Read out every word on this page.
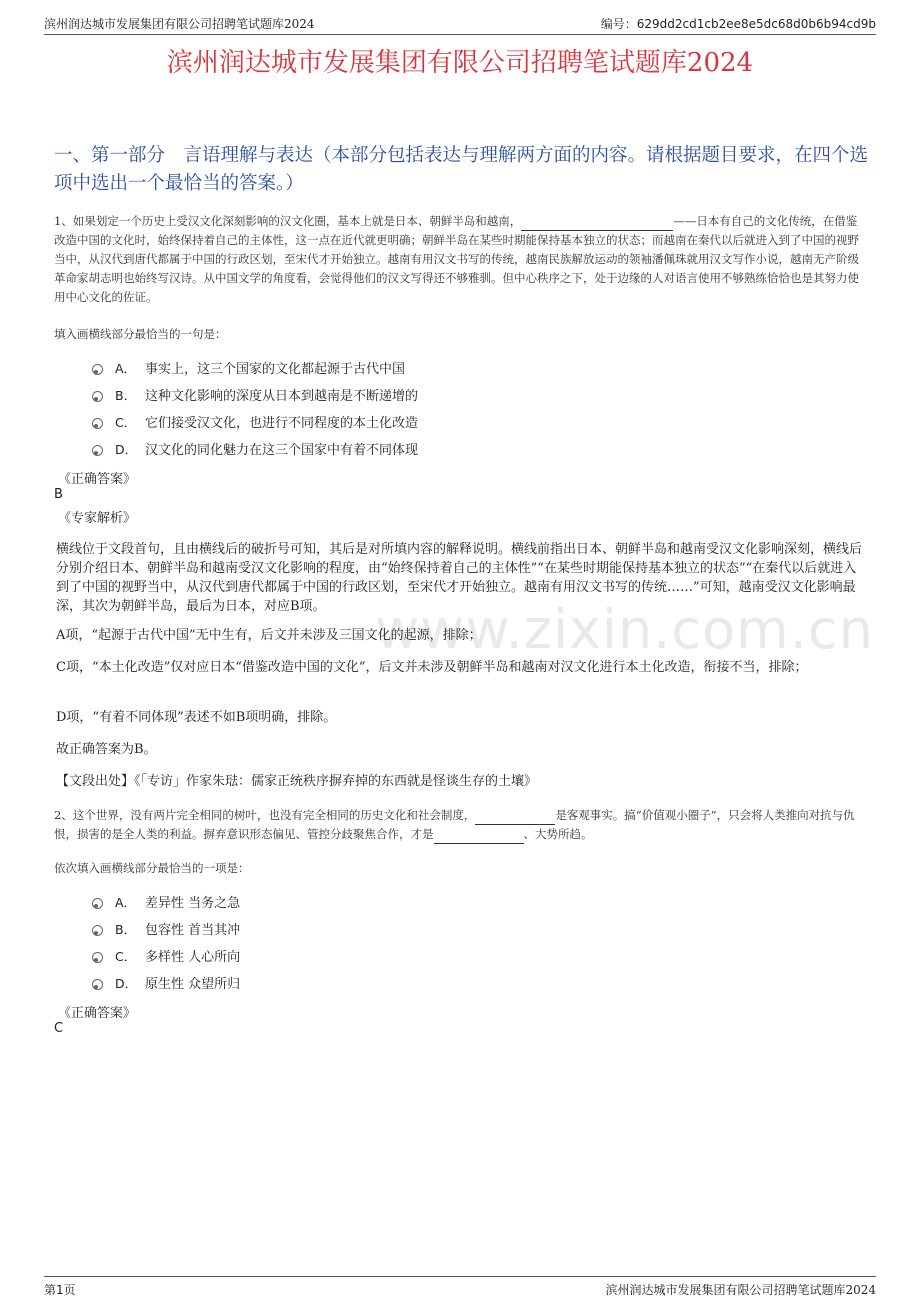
滨州润达城市发展集团有限公司招聘笔试题库2024	编号：629dd2cd1cb2ee8e5dc68d0b6b94cd9b
滨州润达城市发展集团有限公司招聘笔试题库2024
一、第一部分　言语理解与表达（本部分包括表达与理解两方面的内容。请根据题目要求，在四个选项中选出一个最恰当的答案。）
www.zixin.com.cn
1、如果划定一个历史上受汉文化深刻影响的汉文化圈，基本上就是日本、朝鲜半岛和越南，	——日本有自己的文化传统，在借鉴改造中国的文化时，始终保持着自己的主体性，这一点在近代就更明确；朝鲜半岛在某些时期能保持基本独立的状态；而越南在秦代以后就进入到了中国的视野当中，从汉代到唐代都属于中国的行政区划，至宋代才开始独立。越南有用汉文书写的传统，越南民族解放运动的领袖潘佩珠就用汉文写作小说，越南无产阶级革命家胡志明也始终写汉诗。从中国文学的角度看，会觉得他们的汉文写得还不够雅驯。但中心秩序之下，处于边缘的人对语言使用不够熟练恰恰也是其努力使用中心文化的佐证。
填入画横线部分最恰当的一句是：
A． 事实上，这三个国家的文化都起源于古代中国
B． 这种文化影响的深度从日本到越南是不断递增的
C． 它们接受汉文化，也进行不同程度的本土化改造
D． 汉文化的同化魅力在这三个国家中有着不同体现
《正确答案》
B
《专家解析》
横线位于文段首句，且由横线后的破折号可知，其后是对所填内容的解释说明。横线前指出日本、朝鲜半岛和越南受汉文化影响深刻，横线后分别介绍日本、朝鲜半岛和越南受汉文化影响的程度，由“始终保持着自己的主体性”“在某些时期能保持基本独立的状态”“在秦代以后就进入到了中国的视野当中，从汉代到唐代都属于中国的行政区划，至宋代才开始独立。越南有用汉文书写的传统……”可知，越南受汉文化影响最深，其次为朝鲜半岛，最后为日本，对应B项。
A项，“起源于古代中国”无中生有，后文并未涉及三国文化的起源，排除；
C项，“本土化改造”仅对应日本“借鉴改造中国的文化”，后文并未涉及朝鲜半岛和越南对汉文化进行本土化改造，衔接不当，排除；
D项，“有着不同体现”表述不如B项明确，排除。
故正确答案为B。
【文段出处】《「专访」作家朱琺：儒家正统秩序摒弃掉的东西就是怪谈生存的土壤》
2、这个世界，没有两片完全相同的树叶，也没有完全相同的历史文化和社会制度，	是客观事实。搞“价值观小圈子”，只会将人类推向对抗与仇恨，损害的是全人类的利益。摒弃意识形态偏见、管控分歧聚焦合作，才是	、大势所趋。
依次填入画横线部分最恰当的一项是：
A． 差异性 当务之急
B． 包容性 首当其冲
C． 多样性 人心所向
D． 原生性 众望所归
《正确答案》
C
第1页	滨州润达城市发展集团有限公司招聘笔试题库2024
